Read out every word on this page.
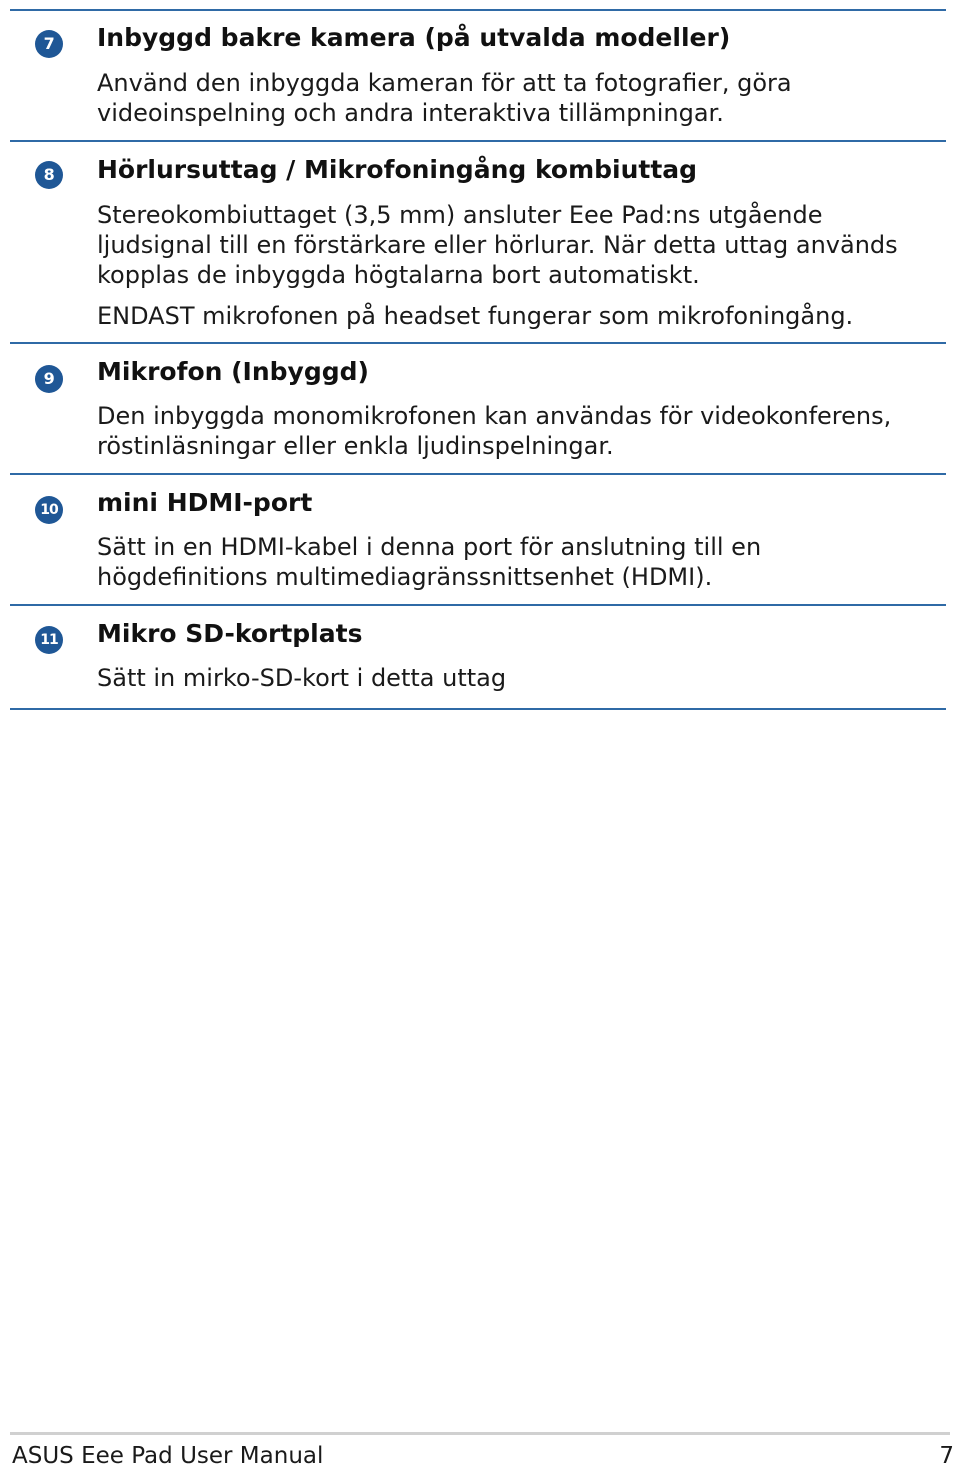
7	Inbyggd bakre kamera (på utvalda modeller)

Använd den inbyggda kameran för att ta fotografier, göra videoinspelning och andra interaktiva tillämpningar.

8	Hörlursuttag / Mikrofoningång kombiuttag

Stereokombiuttaget (3,5 mm) ansluter Eee Pad:ns utgående ljudsignal till en förstärkare eller hörlurar. När detta uttag används kopplas de inbyggda högtalarna bort automatiskt.

ENDAST mikrofonen på headset fungerar som mikrofoningång.

9	Mikrofon (Inbyggd)

Den inbyggda monomikrofonen kan användas för videokonferens, röstinläsningar eller enkla ljudinspelningar.

10 mini HDMI-port

Sätt in en HDMI-kabel i denna port för anslutning till en högdefinitions multimediagränssnittsenhet (HDMI).

11 Mikro SD-kortplats

Sätt in mirko-SD-kort i detta uttag

ASUS Eee Pad User Manual	7
